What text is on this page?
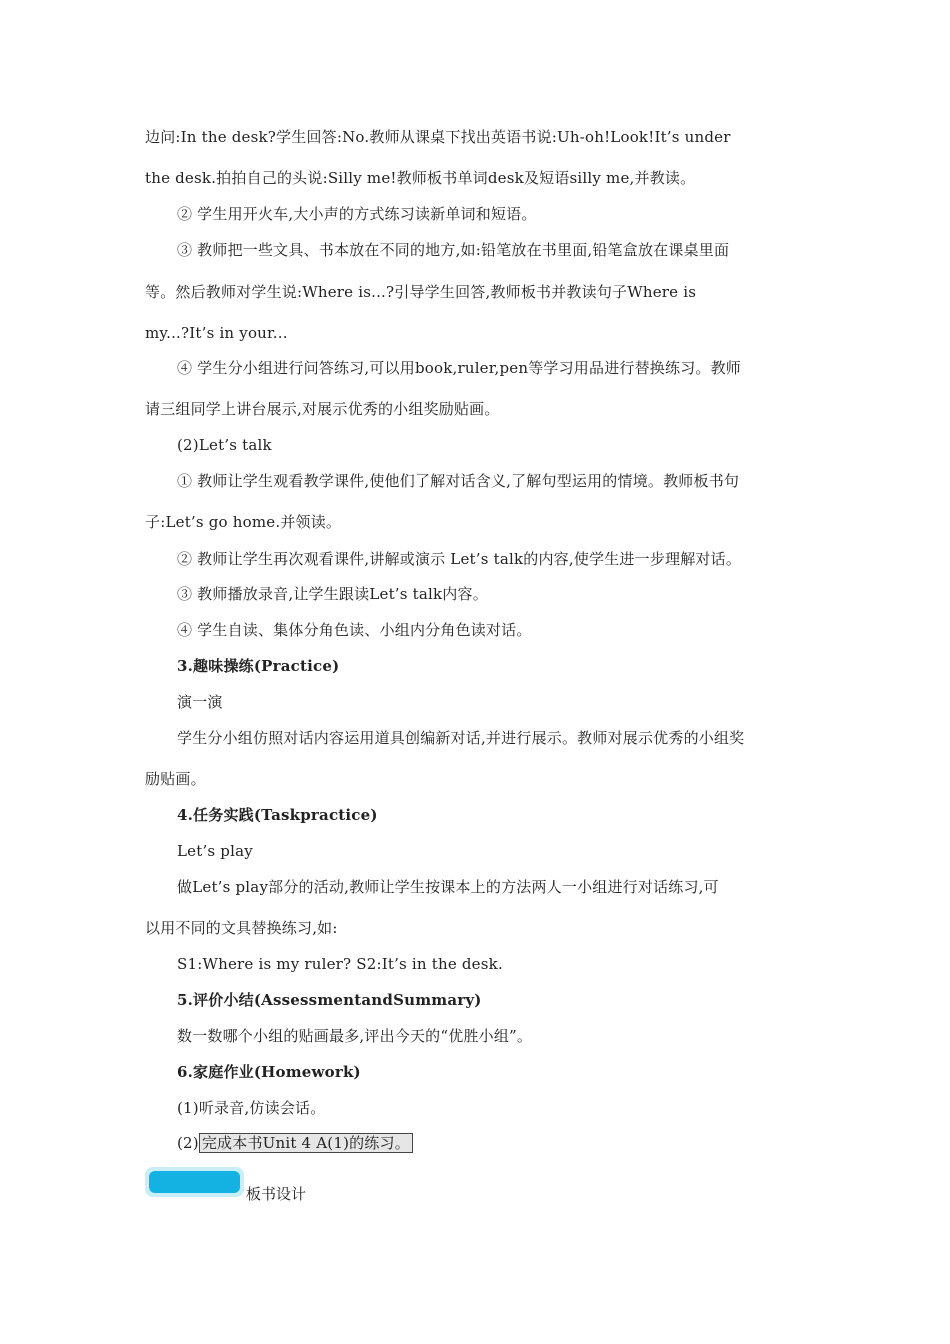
边问:In the desk?学生回答:No.教师从课桌下找出英语书说:Uh-oh!Look!It’s under
the desk.拍拍自己的头说:Silly me!教师板书单词desk及短语silly me,并教读。
② 学生用开火车,大小声的方式练习读新单词和短语。
③ 教师把一些文具、书本放在不同的地方,如:铅笔放在书里面,铅笔盒放在课桌里面
等。然后教师对学生说:Where is...?引导学生回答,教师板书并教读句子Where is
my...?It’s in your...
④ 学生分小组进行问答练习,可以用book,ruler,pen等学习用品进行替换练习。教师
请三组同学上讲台展示,对展示优秀的小组奖励贴画。
(2)Let’s talk
① 教师让学生观看教学课件,使他们了解对话含义,了解句型运用的情境。教师板书句
子:Let’s go home.并领读。
② 教师让学生再次观看课件,讲解或演示 Let’s talk的内容,使学生进一步理解对话。
③ 教师播放录音,让学生跟读Let’s talk内容。
④ 学生自读、集体分角色读、小组内分角色读对话。
3.趣味操练(Practice)
演一演
学生分小组仿照对话内容运用道具创编新对话,并进行展示。教师对展示优秀的小组奖
励贴画。
4.任务实践(Taskpractice)
Let’s play
做Let’s play部分的活动,教师让学生按课本上的方法两人一小组进行对话练习,可
以用不同的文具替换练习,如:
S1:Where is my ruler? S2:It’s in the desk.
5.评价小结(AssessmentandSummary)
数一数哪个小组的贴画最多,评出今天的“优胜小组”。
6.家庭作业(Homework)
(1)听录音,仿读会话。
(2) 完成本书Unit 4 A(1)的练习。
板书设计
